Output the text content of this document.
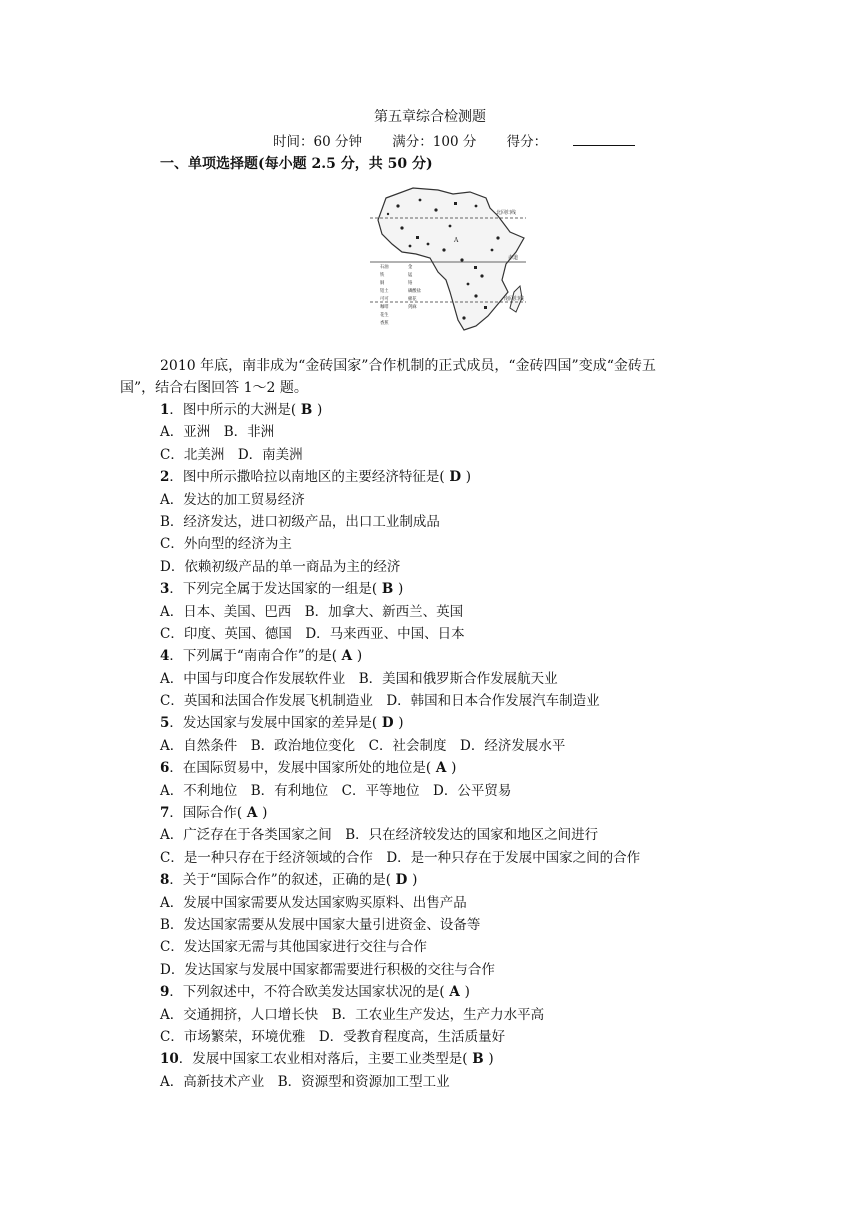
第五章综合检测题
时间：60 分钟 满分：100 分 得分：
一、单项选择题(每小题 2.5 分，共 50 分)
北回归线
A
赤道
南回归线
石油
铁
铜
铝土
可可
咖啡
花生
香蕉
金
锰
铬
磷酸盐
棉花
剑麻
2010 年底，南非成为“金砖国家”合作机制的正式成员，“金砖四国”变成“金砖五
国”，结合右图回答 1～2 题。
1．图中所示的大洲是( B )
A．亚洲　B．非洲
C．北美洲　D．南美洲
2．图中所示撒哈拉以南地区的主要经济特征是( D )
A．发达的加工贸易经济
B．经济发达，进口初级产品，出口工业制成品
C．外向型的经济为主
D．依赖初级产品的单一商品为主的经济
3．下列完全属于发达国家的一组是( B )
A．日本、美国、巴西　B．加拿大、新西兰、英国
C．印度、英国、德国　D．马来西亚、中国、日本
4．下列属于“南南合作”的是( A )
A．中国与印度合作发展软件业　B．美国和俄罗斯合作发展航天业
C．英国和法国合作发展飞机制造业　D．韩国和日本合作发展汽车制造业
5．发达国家与发展中国家的差异是( D )
A．自然条件　B．政治地位变化　C．社会制度　D．经济发展水平
6．在国际贸易中，发展中国家所处的地位是( A )
A．不利地位　B．有利地位　C．平等地位　D．公平贸易
7．国际合作( A )
A．广泛存在于各类国家之间　B．只在经济较发达的国家和地区之间进行
C．是一种只存在于经济领域的合作　D．是一种只存在于发展中国家之间的合作
8．关于“国际合作”的叙述，正确的是( D )
A．发展中国家需要从发达国家购买原料、出售产品
B．发达国家需要从发展中国家大量引进资金、设备等
C．发达国家无需与其他国家进行交往与合作
D．发达国家与发展中国家都需要进行积极的交往与合作
9．下列叙述中，不符合欧美发达国家状况的是( A )
A．交通拥挤，人口增长快　B．工农业生产发达，生产力水平高
C．市场繁荣，环境优雅　D．受教育程度高，生活质量好
10．发展中国家工农业相对落后，主要工业类型是( B )
A．高新技术产业　B．资源型和资源加工型工业
